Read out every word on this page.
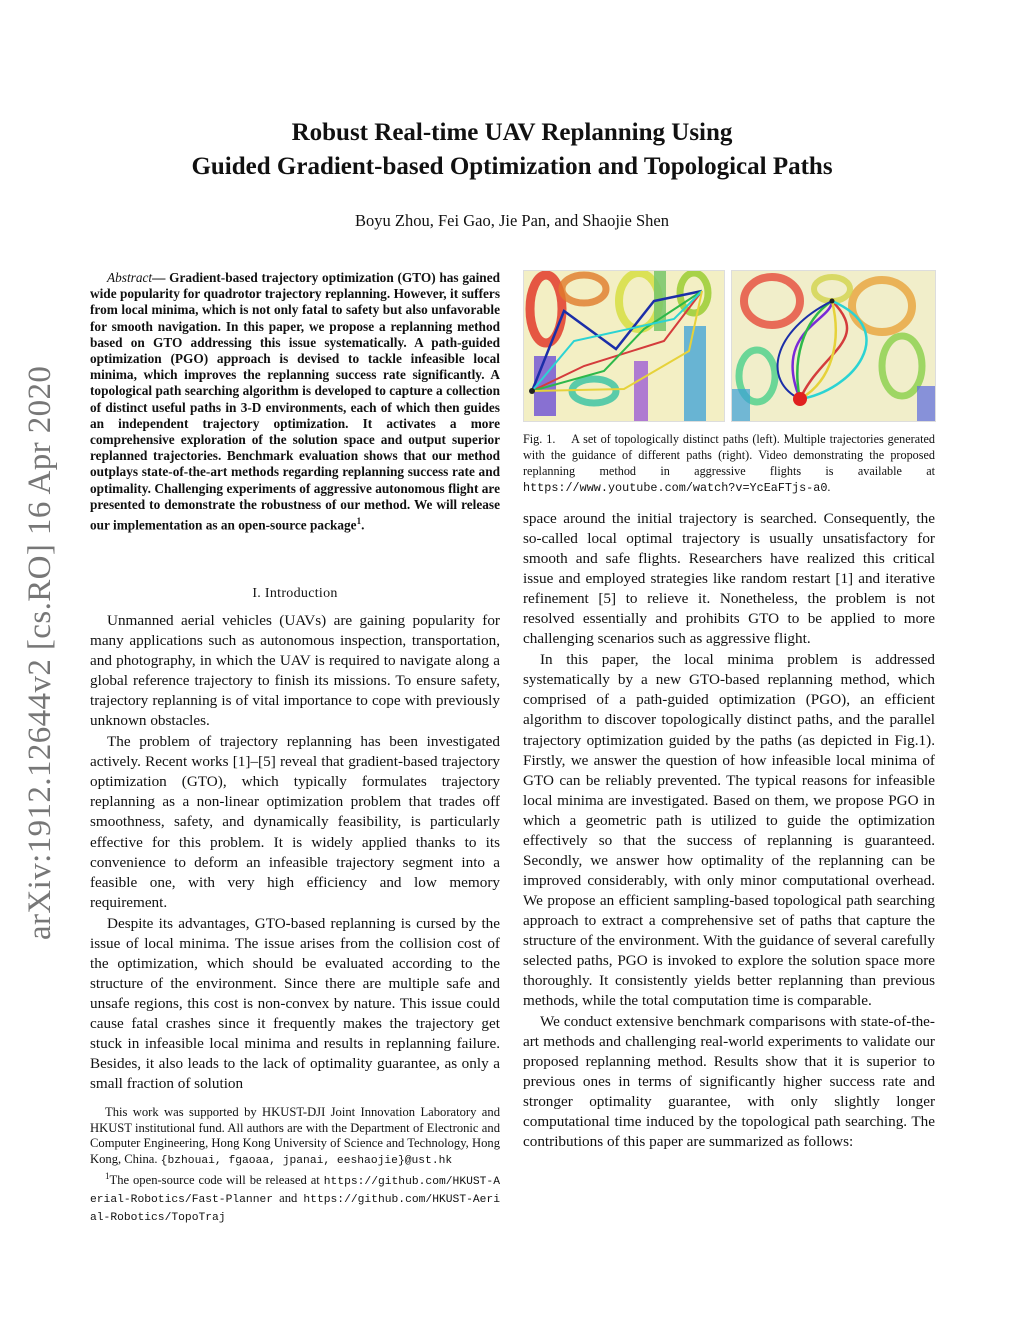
Robust Real-time UAV Replanning Using
Guided Gradient-based Optimization and Topological Paths
Boyu Zhou, Fei Gao, Jie Pan, and Shaojie Shen
arXiv:1912.12644v2 [cs.RO] 16 Apr 2020
Abstract— Gradient-based trajectory optimization (GTO) has gained wide popularity for quadrotor trajectory replanning. However, it suffers from local minima, which is not only fatal to safety but also unfavorable for smooth navigation. In this paper, we propose a replanning method based on GTO addressing this issue systematically. A path-guided optimization (PGO) approach is devised to tackle infeasible local minima, which improves the replanning success rate significantly. A topological path searching algorithm is developed to capture a collection of distinct useful paths in 3-D environments, each of which then guides an independent trajectory optimization. It activates a more comprehensive exploration of the solution space and output superior replanned trajectories. Benchmark evaluation shows that our method outplays state-of-the-art methods regarding replanning success rate and optimality. Challenging experiments of aggressive autonomous flight are presented to demonstrate the robustness of our method. We will release our implementation as an open-source package$^1$.
I. Introduction

Unmanned aerial vehicles (UAVs) are gaining popularity for many applications such as autonomous inspection, transportation, and photography, in which the UAV is required to navigate along a global reference trajectory to finish its missions. To ensure safety, trajectory replanning is of vital importance to cope with previously unknown obstacles.

The problem of trajectory replanning has been investigated actively. Recent works [1]–[5] reveal that gradient-based trajectory optimization (GTO), which typically formulates trajectory replanning as a non-linear optimization problem that trades off smoothness, safety, and dynamically feasibility, is particularly effective for this problem. It is widely applied thanks to its convenience to deform an infeasible trajectory segment into a feasible one, with very high efficiency and low memory requirement.

Despite its advantages, GTO-based replanning is cursed by the issue of local minima. The issue arises from the collision cost of the optimization, which should be evaluated according to the structure of the environment. Since there are multiple safe and unsafe regions, this cost is non-convex by nature. This issue could cause fatal crashes since it frequently makes the trajectory get stuck in infeasible local minima and results in replanning failure. Besides, it also leads to the lack of optimality guarantee, as only a small fraction of solution

This work was supported by HKUST-DJI Joint Innovation Laboratory and HKUST institutional fund. All authors are with the Department of Electronic and Computer Engineering, Hong Kong University of Science and Technology, Hong Kong, China. {bzhouai, fgaoaa, jpanai, eeshaojie}@ust.hk

$^1$The open-source code will be released at https://github.com/HKUST-Aerial-Robotics/Fast-Planner and https://github.com/HKUST-Aerial-Robotics/TopoTraj

Fig. 1. A set of topologically distinct paths (left). Multiple trajectories generated with the guidance of different paths (right). Video demonstrating the proposed replanning method in aggressive flights is available at https://www.youtube.com/watch?v=YcEaFTjs-a0.

space around the initial trajectory is searched. Consequently, the so-called local optimal trajectory is usually unsatisfactory for smooth and safe flights. Researchers have realized this critical issue and employed strategies like random restart [1] and iterative refinement [5] to relieve it. Nonetheless, the problem is not resolved essentially and prohibits GTO to be applied to more challenging scenarios such as aggressive flight.

In this paper, the local minima problem is addressed systematically by a new GTO-based replanning method, which comprised of a path-guided optimization (PGO), an efficient algorithm to discover topologically distinct paths, and the parallel trajectory optimization guided by the paths (as depicted in Fig.1). Firstly, we answer the question of how infeasible local minima of GTO can be reliably prevented. The typical reasons for infeasible local minima are investigated. Based on them, we propose PGO in which a geometric path is utilized to guide the optimization effectively so that the success of replanning is guaranteed. Secondly, we answer how optimality of the replanning can be improved considerably, with only minor computational overhead. We propose an efficient sampling-based topological path searching approach to extract a comprehensive set of paths that capture the structure of the environment. With the guidance of several carefully selected paths, PGO is invoked to explore the solution space more thoroughly. It consistently yields better replanning than previous methods, while the total computation time is comparable.

We conduct extensive benchmark comparisons with state-of-the-art methods and challenging real-world experiments to validate our proposed replanning method. Results show that it is superior to previous ones in terms of significantly higher success rate and stronger optimality guarantee, with only slightly longer computational time induced by the topological path searching. The contributions of this paper are summarized as follows:
